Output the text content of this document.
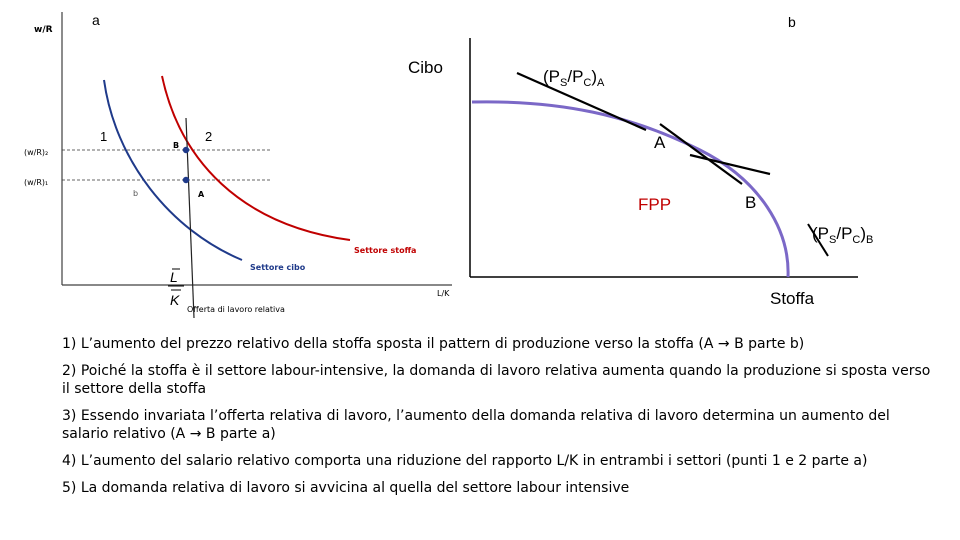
a
w/R
L/K
(w/R)₂
(w/R)₁
1	2
B
b	A
Settore stoffa
Settore cibo
L
K
Offerta di lavoro relativa
b
Cibo
Stoffa
$(P_S/P_C)_A$
A
FPP	B
$(P_S/P_C)_B$

1) L’aumento del prezzo relativo della stoffa sposta il pattern di produzione verso la stoffa (A → B parte b)

2) Poiché la stoffa è il settore labour-intensive, la domanda di lavoro relativa aumenta quando la produzione si sposta verso il settore della stoffa

3) Essendo invariata l’offerta relativa di lavoro, l’aumento della domanda relativa di lavoro determina un aumento del salario relativo (A → B parte a)

4) L’aumento del salario relativo comporta una riduzione del rapporto L/K in entrambi i settori (punti 1 e 2 parte a)

5) La domanda relativa di lavoro si avvicina al quella del settore labour intensive
